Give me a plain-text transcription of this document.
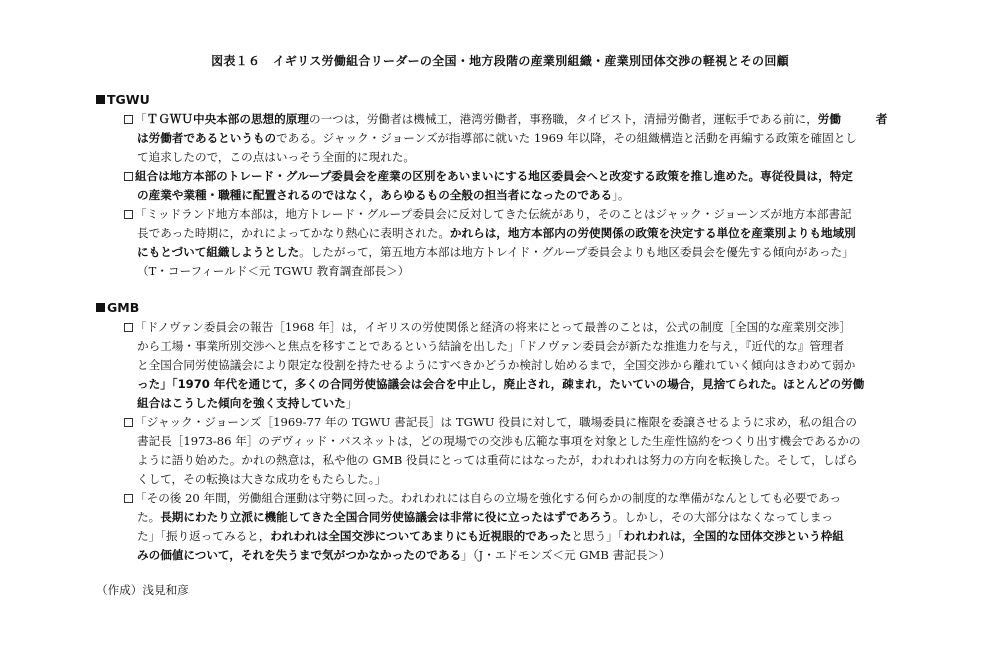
図表１６　イギリス労働組合リーダーの全国・地方段階の産業別組織・産業別団体交渉の軽視とその回顧
TGWU
「ＴＧＷＵ中央本部の思想的原理の一つは，労働者は機械工，港湾労働者，事務職，タイピスト，清掃労働者，運転手である前に，労働　　　者
は労働者であるというものである。ジャック・ジョーンズが指導部に就いた 1969 年以降，その組織構造と活動を再編する政策を確固とし
て追求したので，この点はいっそう全面的に現れた。
組合は地方本部のトレード・グループ委員会を産業の区別をあいまいにする地区委員会へと改変する政策を推し進めた。専従役員は，特定
の産業や業種・職種に配置されるのではなく，あらゆるもの全般の担当者になったのである」。
「ミッドランド地方本部は，地方トレード・グループ委員会に反対してきた伝統があり，そのことはジャック・ジョーンズが地方本部書記
長であった時期に，かれによってかなり熱心に表明された。かれらは，地方本部内の労使関係の政策を決定する単位を産業別よりも地域別
にもとづいて組織しようとした。したがって，第五地方本部は地方トレイド・グループ委員会よりも地区委員会を優先する傾向があった」
（T・コーフィールド＜元 TGWU 教育調査部長＞）
GMB
「ドノヴァン委員会の報告［1968 年］は，イギリスの労使関係と経済の将来にとって最善のことは，公式の制度［全国的な産業別交渉］
から工場・事業所別交渉へと焦点を移すことであるという結論を出した」「ドノヴァン委員会が新たな推進力を与え，『近代的な』管理者
と全国合同労使協議会により限定な役割を持たせるようにすべきかどうか検討し始めるまで，全国交渉から離れていく傾向はきわめて弱か
った」「1970 年代を通じて，多くの合同労使協議会は会合を中止し，廃止され，疎まれ，たいていの場合，見捨てられた。ほとんどの労働
組合はこうした傾向を強く支持していた」
「ジャック・ジョーンズ［1969-77 年の TGWU 書記長］は TGWU 役員に対して，職場委員に権限を委譲させるように求め，私の組合の
書記長［1973-86 年］のデヴィッド・バスネットは，どの現場での交渉も広範な事項を対象とした生産性協約をつくり出す機会であるかの
ように語り始めた。かれの熱意は，私や他の GMB 役員にとっては重荷にはなったが，われわれは努力の方向を転換した。そして，しばら
くして，その転換は大きな成功をもたらした。」
「その後 20 年間，労働組合運動は守勢に回った。われわれには自らの立場を強化する何らかの制度的な準備がなんとしても必要であっ
た。長期にわたり立派に機能してきた全国合同労使協議会は非常に役に立ったはずであろう。しかし，その大部分はなくなってしまっ
た」「振り返ってみると，われわれは全国交渉についてあまりにも近視眼的であったと思う」「われわれは，全国的な団体交渉という枠組
みの価値について，それを失うまで気がつかなかったのである」（J・エドモンズ＜元 GMB 書記長＞）
（作成）浅見和彦
